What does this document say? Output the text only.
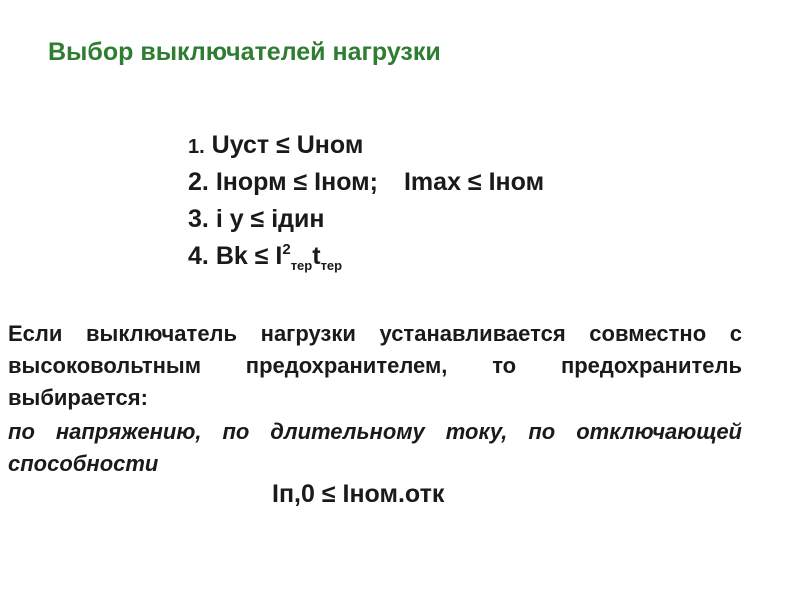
Выбор выключателей нагрузки
1. Uуст ≤ Uном
2. Iнорм ≤ Iном; Imax ≤ Iном
3. i у ≤ iдин
4. $Bk \le I^2_{тер}t_{тер}$
Если выключатель нагрузки устанавливается совместно с высоковольтным предохранителем, то предохранитель выбирается:
по напряжению, по длительному току, по отключающей способности
Iп,0 ≤ Iном.отк
